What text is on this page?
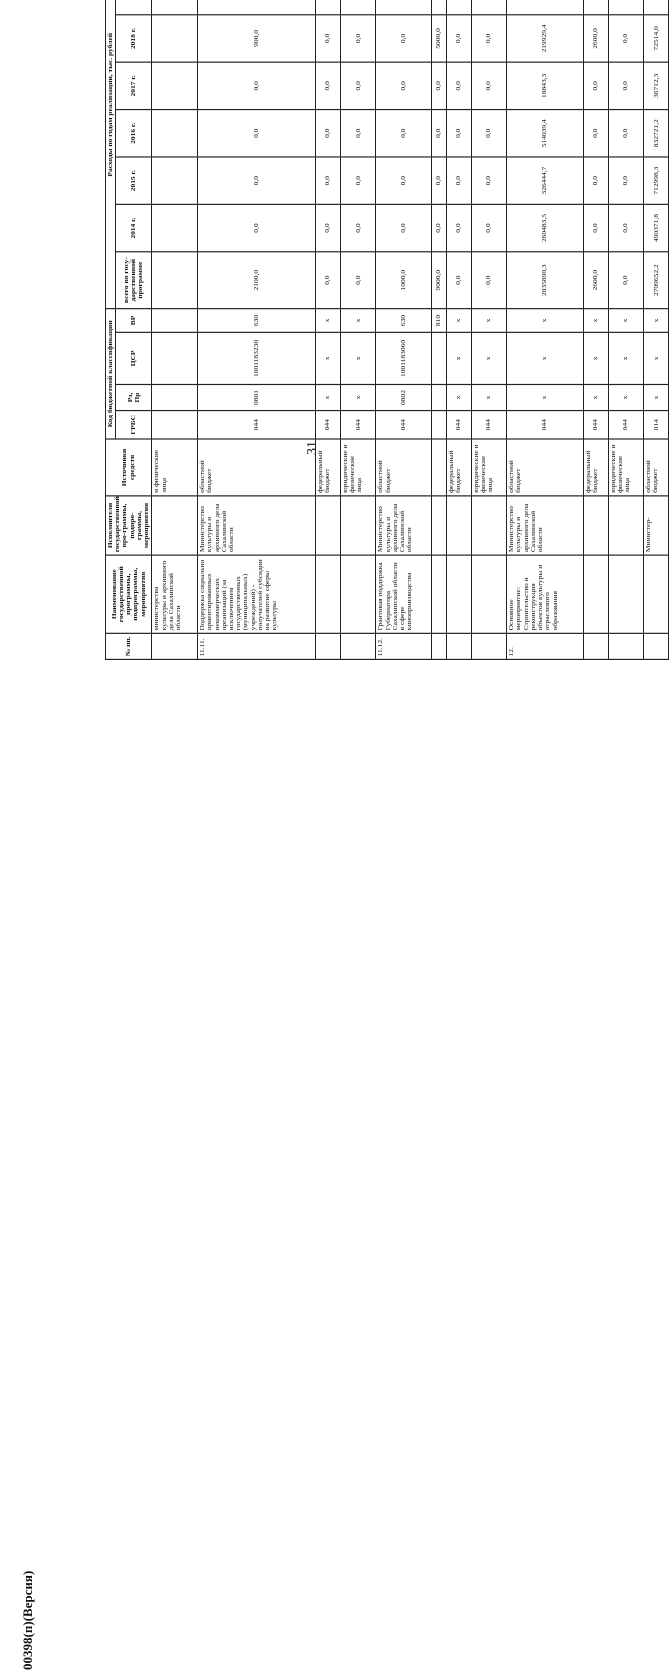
31
00398(п)(Версия)
№ пп.	Наименование государственной программы, подпрограммы, мероприятия	Исполнители государственной про-граммы, подпро-граммы, мероприятия	Источники средств	Код бюджетной классификации				Расходы по годам реализации, тыс. рублей							
				ГРБС	Рз, Пр	ЦСР	ВР	всего по госу-дарственной программе	2014 г.	2015 г.	2016 г.	2017 г.	2018 г.		

	министерства культуры и архивного дела Сахалинской области		и физические лица												
11.11.	Поддержка социально ориентированных некоммерческих организаций (за исключением государственных (муниципальных) учреждений) - получателей субсидии на развитие сферы культуры	Министерство культуры и архивного дела Сахалинской области	областной бюджет	044	0801	1001183230	630	2100,0	0,0	0,0	0,0	0,0	900,0		
			федеральный бюджет	044	х	х	х	0,0	0,0	0,0	0,0	0,0	0,0		
			юридические и физические лица	044	х	х	х	0,0	0,0	0,0	0,0	0,0	0,0		
11.12.	Грантовая поддержка Губернатора Сахалинской области в сфере кинопроизводства	Министерство культуры и архивного дела Сахалинской области	областной бюджет	044	0802	1001183060	630	1000,0	0,0	0,0	0,0	0,0	0,0		
							810	9000,0	0,0	0,0	0,0	0,0	5000,0		
			федеральный бюджет	044	х	х	х	0,0	0,0	0,0	0,0	0,0	0,0		
			юридические и физические лица	044	х	х	х	0,0	0,0	0,0	0,0	0,0	0,0		
12.	Основное мероприятие: Строительство и реконструкция объектов культуры и отраслевого образования	Министерство культуры и архивного дела Сахалинской области	областной бюджет	044	х	х	х	2035890,3	260483,5	326444,7	514039,4	18843,3	219929,4		
			федеральный бюджет	044	х	х	х	2600,0	0,0	0,0	0,0	0,0	2600,0		
			юридические и физические лица	044	х	х	х	0,0	0,0	0,0	0,0	0,0	0,0		
		Министер-	областной бюджет	014	х	х	х	2709652,2	490371,8	712998,3	832721,2	36712,3	72514,0		
